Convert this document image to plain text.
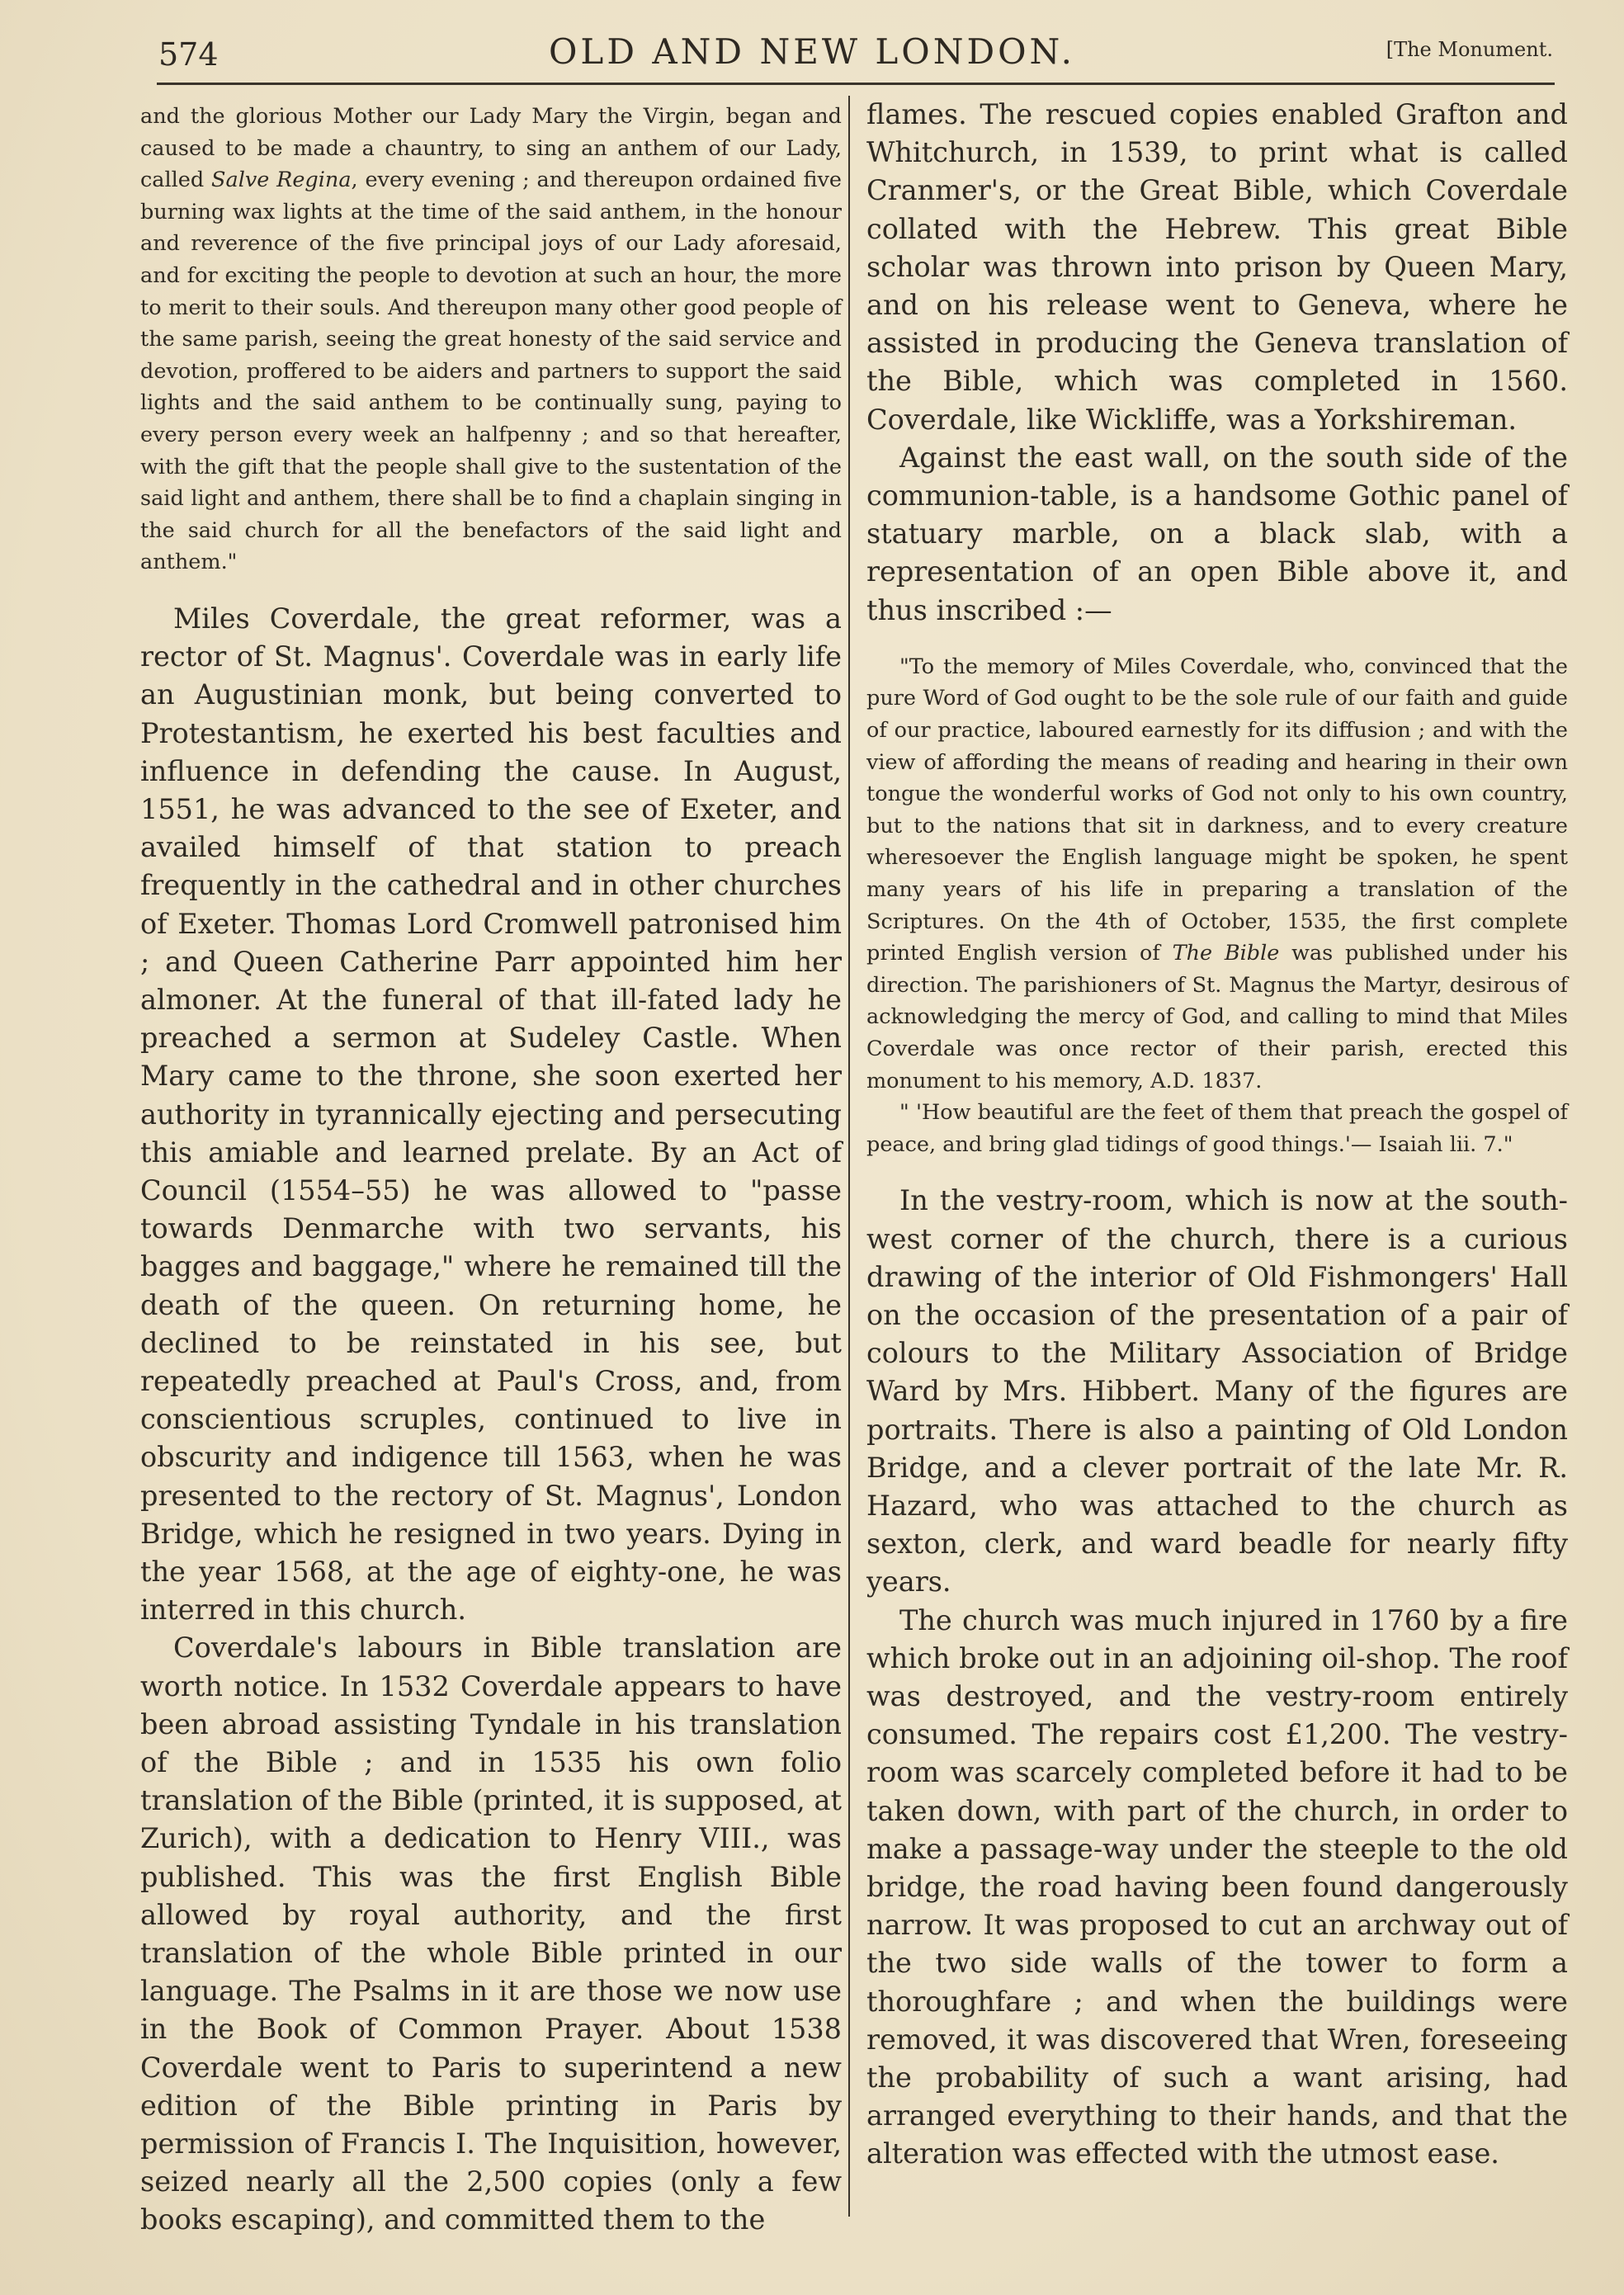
574	OLD AND NEW LONDON.	[The Monument.

and the glorious Mother our Lady Mary the Virgin, began and caused to be made a chauntry, to sing an anthem of our Lady, called Salve Regina, every evening ; and thereupon ordained five burning wax lights at the time of the said anthem, in the honour and reverence of the five principal joys of our Lady aforesaid, and for exciting the people to devotion at such an hour, the more to merit to their souls. And thereupon many other good people of the same parish, seeing the great honesty of the said service and devotion, proffered to be aiders and partners to support the said lights and the said anthem to be continually sung, paying to every person every week an halfpenny ; and so that hereafter, with the gift that the people shall give to the sustentation of the said light and anthem, there shall be to find a chaplain singing in the said church for all the benefactors of the said light and anthem."

Miles Coverdale, the great reformer, was a rector of St. Magnus'. Coverdale was in early life an Augustinian monk, but being converted to Protestantism, he exerted his best faculties and influence in defending the cause. In August, 1551, he was advanced to the see of Exeter, and availed himself of that station to preach frequently in the cathedral and in other churches of Exeter. Thomas Lord Cromwell patronised him ; and Queen Catherine Parr appointed him her almoner. At the funeral of that ill-fated lady he preached a sermon at Sudeley Castle. When Mary came to the throne, she soon exerted her authority in tyrannically ejecting and persecuting this amiable and learned prelate. By an Act of Council (1554–55) he was allowed to "passe towards Denmarche with two servants, his bagges and baggage," where he remained till the death of the queen. On returning home, he declined to be reinstated in his see, but repeatedly preached at Paul's Cross, and, from conscientious scruples, continued to live in obscurity and indigence till 1563, when he was presented to the rectory of St. Magnus', London Bridge, which he resigned in two years. Dying in the year 1568, at the age of eighty-one, he was interred in this church.

Coverdale's labours in Bible translation are worth notice. In 1532 Coverdale appears to have been abroad assisting Tyndale in his translation of the Bible ; and in 1535 his own folio translation of the Bible (printed, it is supposed, at Zurich), with a dedication to Henry VIII., was published. This was the first English Bible allowed by royal authority, and the first translation of the whole Bible printed in our language. The Psalms in it are those we now use in the Book of Common Prayer. About 1538 Coverdale went to Paris to superintend a new edition of the Bible printing in Paris by permission of Francis I. The Inquisition, however, seized nearly all the 2,500 copies (only a few books escaping), and committed them to the

flames. The rescued copies enabled Grafton and Whitchurch, in 1539, to print what is called Cranmer's, or the Great Bible, which Coverdale collated with the Hebrew. This great Bible scholar was thrown into prison by Queen Mary, and on his release went to Geneva, where he assisted in producing the Geneva translation of the Bible, which was completed in 1560. Coverdale, like Wickliffe, was a Yorkshireman.

Against the east wall, on the south side of the communion-table, is a handsome Gothic panel of statuary marble, on a black slab, with a representation of an open Bible above it, and thus inscribed :—

"To the memory of Miles Coverdale, who, convinced that the pure Word of God ought to be the sole rule of our faith and guide of our practice, laboured earnestly for its diffusion ; and with the view of affording the means of reading and hearing in their own tongue the wonderful works of God not only to his own country, but to the nations that sit in darkness, and to every creature wheresoever the English language might be spoken, he spent many years of his life in preparing a translation of the Scriptures. On the 4th of October, 1535, the first complete printed English version of The Bible was published under his direction. The parishioners of St. Magnus the Martyr, desirous of acknowledging the mercy of God, and calling to mind that Miles Coverdale was once rector of their parish, erected this monument to his memory, A.D. 1837.

" 'How beautiful are the feet of them that preach the gospel of peace, and bring glad tidings of good things.'— Isaiah lii. 7."

In the vestry-room, which is now at the south-west corner of the church, there is a curious drawing of the interior of Old Fishmongers' Hall on the occasion of the presentation of a pair of colours to the Military Association of Bridge Ward by Mrs. Hibbert. Many of the figures are portraits. There is also a painting of Old London Bridge, and a clever portrait of the late Mr. R. Hazard, who was attached to the church as sexton, clerk, and ward beadle for nearly fifty years.

The church was much injured in 1760 by a fire which broke out in an adjoining oil-shop. The roof was destroyed, and the vestry-room entirely consumed. The repairs cost £1,200. The vestry-room was scarcely completed before it had to be taken down, with part of the church, in order to make a passage-way under the steeple to the old bridge, the road having been found dangerously narrow. It was proposed to cut an archway out of the two side walls of the tower to form a thoroughfare ; and when the buildings were removed, it was discovered that Wren, foreseeing the probability of such a want arising, had arranged everything to their hands, and that the alteration was effected with the utmost ease.
